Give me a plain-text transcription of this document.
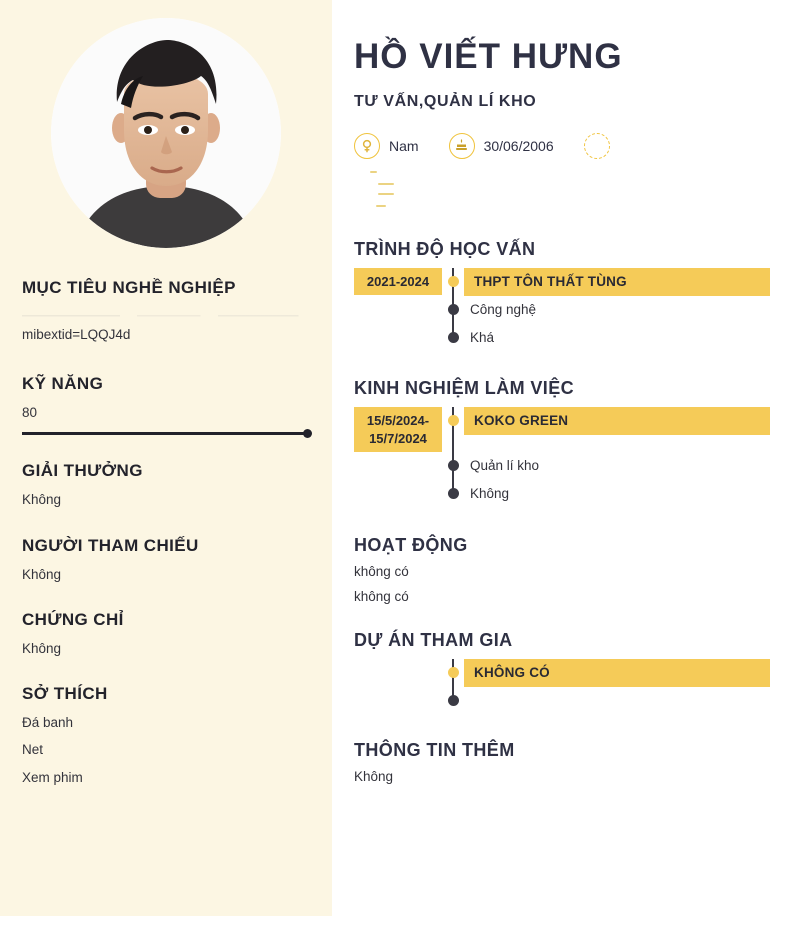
MỤC TIÊU NGHỀ NGHIỆP

mibextid=LQQJ4d

KỸ NĂNG

80

GIẢI THƯỞNG

Không

NGƯỜI THAM CHIẾU

Không

CHỨNG CHỈ

Không

SỞ THÍCH

Đá banh

Net

Xem phim

HỒ VIẾT HƯNG
TƯ VẤN,QUẢN LÍ KHO
Nam	30/06/2006
TRÌNH ĐỘ HỌC VẤN
2021-2024	THPT TÔN THẤT TÙNG
Công nghệ
Khá
KINH NGHIỆM LÀM VIỆC
15/5/2024-15/7/2024
KOKO GREEN
Quản lí kho
Không
HOẠT ĐỘNG

không có

không có

DỰ ÁN THAM GIA
KHÔNG CÓ
THÔNG TIN THÊM

Không
